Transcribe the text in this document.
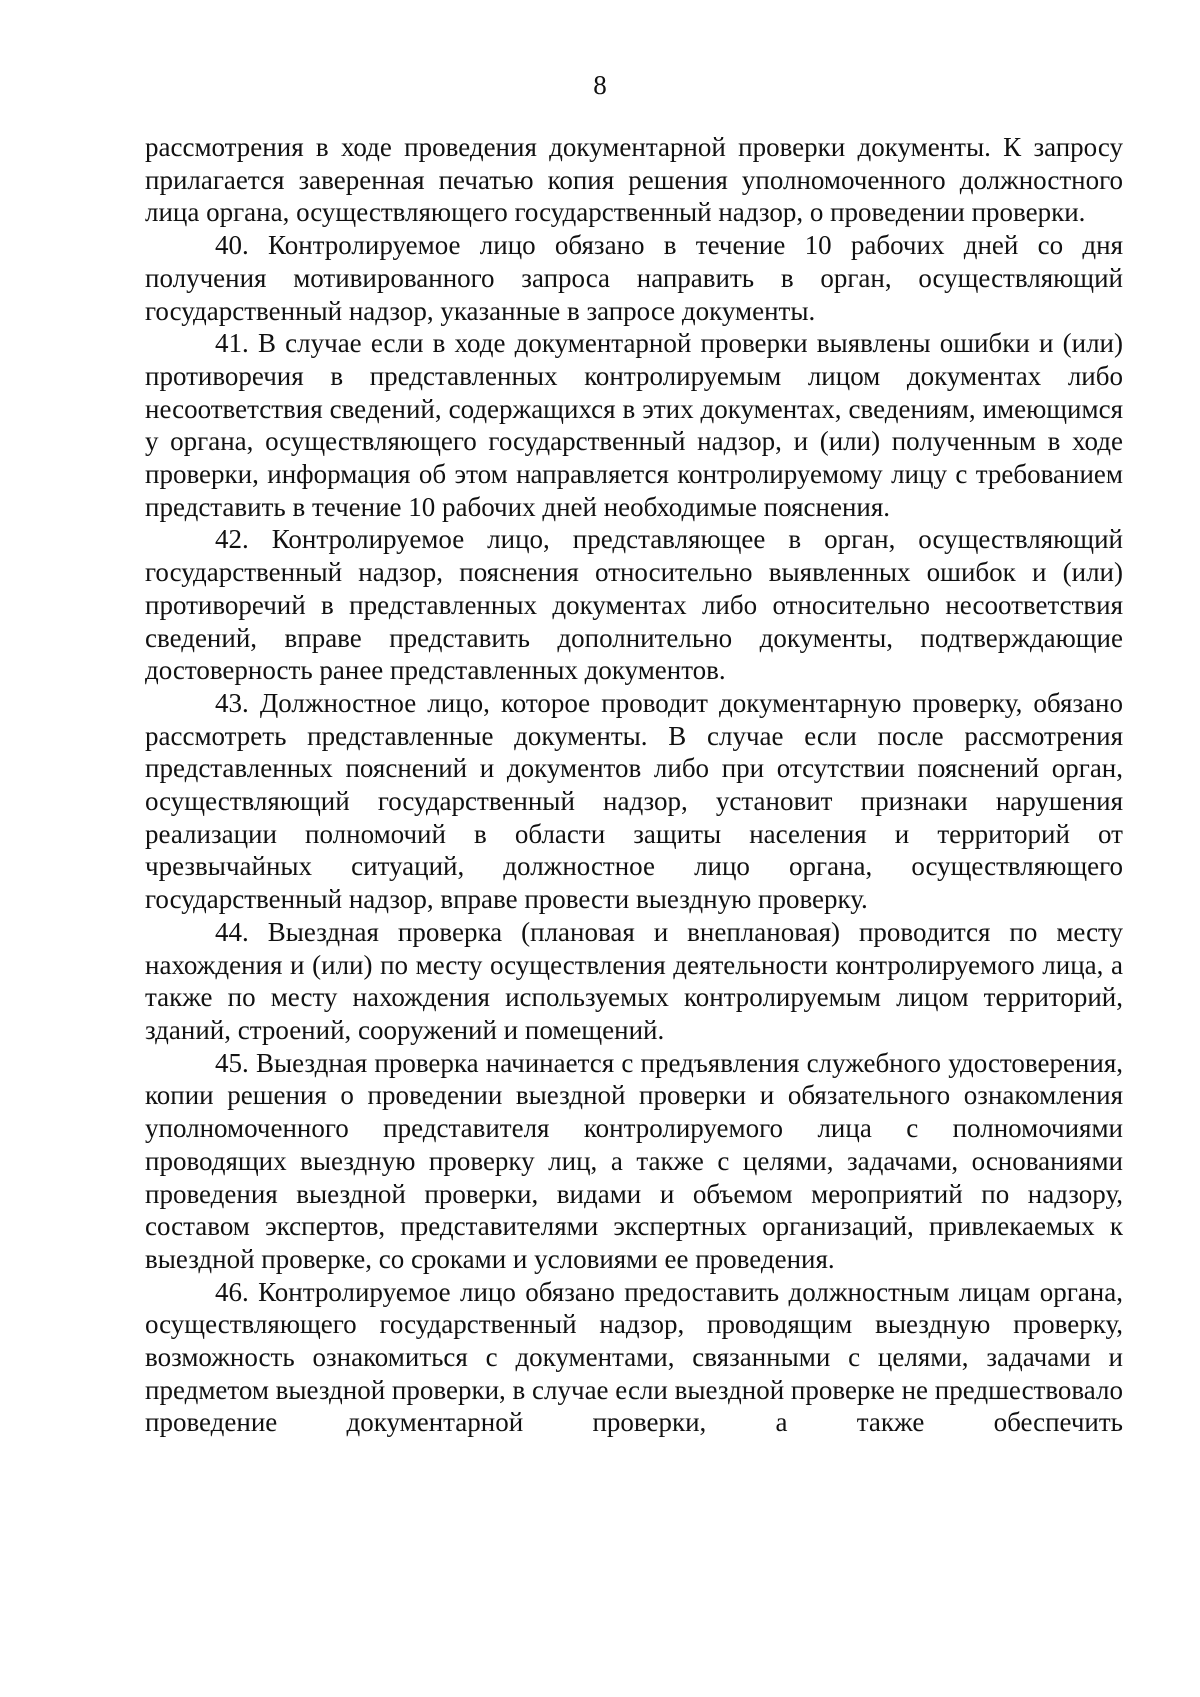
8

рассмотрения в ходе проведения документарной проверки документы. К запросу прилагается заверенная печатью копия решения уполномоченного должностного лица органа, осуществляющего государственный надзор, о проведении проверки.

40. Контролируемое лицо обязано в течение 10 рабочих дней со дня получения мотивированного запроса направить в орган, осуществляющий государственный надзор, указанные в запросе документы.

41. В случае если в ходе документарной проверки выявлены ошибки и (или) противоречия в представленных контролируемым лицом документах либо несоответствия сведений, содержащихся в этих документах, сведениям, имеющимся у органа, осуществляющего государственный надзор, и (или) полученным в ходе проверки, информация об этом направляется контролируемому лицу с требованием представить в течение 10 рабочих дней необходимые пояснения.

42. Контролируемое лицо, представляющее в орган, осуществляющий государственный надзор, пояснения относительно выявленных ошибок и (или) противоречий в представленных документах либо относительно несоответствия сведений, вправе представить дополнительно документы, подтверждающие достоверность ранее представленных документов.

43. Должностное лицо, которое проводит документарную проверку, обязано рассмотреть представленные документы. В случае если после рассмотрения представленных пояснений и документов либо при отсутствии пояснений орган, осуществляющий государственный надзор, установит признаки нарушения реализации полномочий в области защиты населения и территорий от чрезвычайных ситуаций, должностное лицо органа, осуществляющего государственный надзор, вправе провести выездную проверку.

44. Выездная проверка (плановая и внеплановая) проводится по месту нахождения и (или) по месту осуществления деятельности контролируемого лица, а также по месту нахождения используемых контролируемым лицом территорий, зданий, строений, сооружений и помещений.

45. Выездная проверка начинается с предъявления служебного удостоверения, копии решения о проведении выездной проверки и обязательного ознакомления уполномоченного представителя контролируемого лица с полномочиями проводящих выездную проверку лиц, а также с целями, задачами, основаниями проведения выездной проверки, видами и объемом мероприятий по надзору, составом экспертов, представителями экспертных организаций, привлекаемых к выездной проверке, со сроками и условиями ее проведения.

46. Контролируемое лицо обязано предоставить должностным лицам органа, осуществляющего государственный надзор, проводящим выездную проверку, возможность ознакомиться с документами, связанными с целями, задачами и предметом выездной проверки, в случае если выездной проверке не предшествовало проведение документарной проверки, а также обеспечить
